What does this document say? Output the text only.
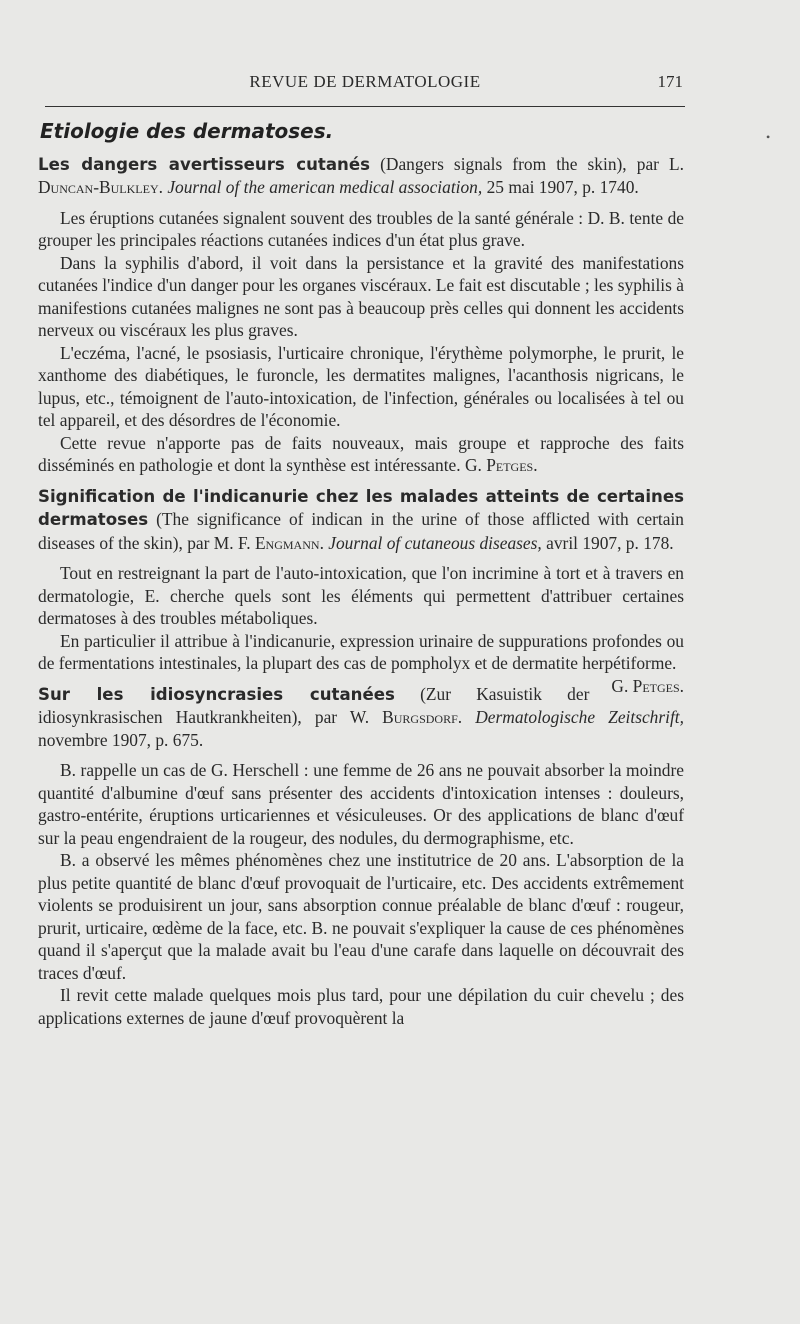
REVUE DE DERMATOLOGIE	171
•
Etiologie des dermatoses.
Les dangers avertisseurs cutanés (Dangers signals from the skin), par L. Duncan-Bulkley. Journal of the american medical association, 25 mai 1907, p. 1740.

Les éruptions cutanées signalent souvent des troubles de la santé générale : D. B. tente de grouper les principales réactions cutanées indices d'un état plus grave.

Dans la syphilis d'abord, il voit dans la persistance et la gravité des manifestations cutanées l'indice d'un danger pour les organes viscéraux. Le fait est discutable ; les syphilis à manifestions cutanées malignes ne sont pas à beaucoup près celles qui donnent les accidents nerveux ou viscéraux les plus graves.

L'eczéma, l'acné, le psosiasis, l'urticaire chronique, l'érythème polymorphe, le prurit, le xanthome des diabétiques, le furoncle, les dermatites malignes, l'acanthosis nigricans, le lupus, etc., témoignent de l'auto-intoxication, de l'infection, générales ou localisées à tel ou tel appareil, et des désordres de l'économie.

Cette revue n'apporte pas de faits nouveaux, mais groupe et rapproche des faits disséminés en pathologie et dont la synthèse est intéressante. G. Petges.

Signification de l'indicanurie chez les malades atteints de certaines dermatoses (The significance of indican in the urine of those afflicted with certain diseases of the skin), par M. F. Engmann. Journal of cutaneous diseases, avril 1907, p. 178.

Tout en restreignant la part de l'auto-intoxication, que l'on incrimine à tort et à travers en dermatologie, E. cherche quels sont les éléments qui permettent d'attribuer certaines dermatoses à des troubles métaboliques.

En particulier il attribue à l'indicanurie, expression urinaire de suppurations profondes ou de fermentations intestinales, la plupart des cas de pompholyx et de dermatite herpétiforme.
G. Petges.

Sur les idiosyncrasies cutanées (Zur Kasuistik der idiosynkrasischen Hautkrankheiten), par W. Burgsdorf. Dermatologische Zeitschrift, novembre 1907, p. 675.

B. rappelle un cas de G. Herschell : une femme de 26 ans ne pouvait absorber la moindre quantité d'albumine d'œuf sans présenter des accidents d'intoxication intenses : douleurs, gastro-entérite, éruptions urticariennes et vésiculeuses. Or des applications de blanc d'œuf sur la peau engendraient de la rougeur, des nodules, du dermographisme, etc.

B. a observé les mêmes phénomènes chez une institutrice de 20 ans. L'absorption de la plus petite quantité de blanc d'œuf provoquait de l'urticaire, etc. Des accidents extrêmement violents se produisirent un jour, sans absorption connue préalable de blanc d'œuf : rougeur, prurit, urticaire, œdème de la face, etc. B. ne pouvait s'expliquer la cause de ces phénomènes quand il s'aperçut que la malade avait bu l'eau d'une carafe dans laquelle on découvrait des traces d'œuf.

Il revit cette malade quelques mois plus tard, pour une dépilation du cuir chevelu ; des applications externes de jaune d'œuf provoquèrent la
